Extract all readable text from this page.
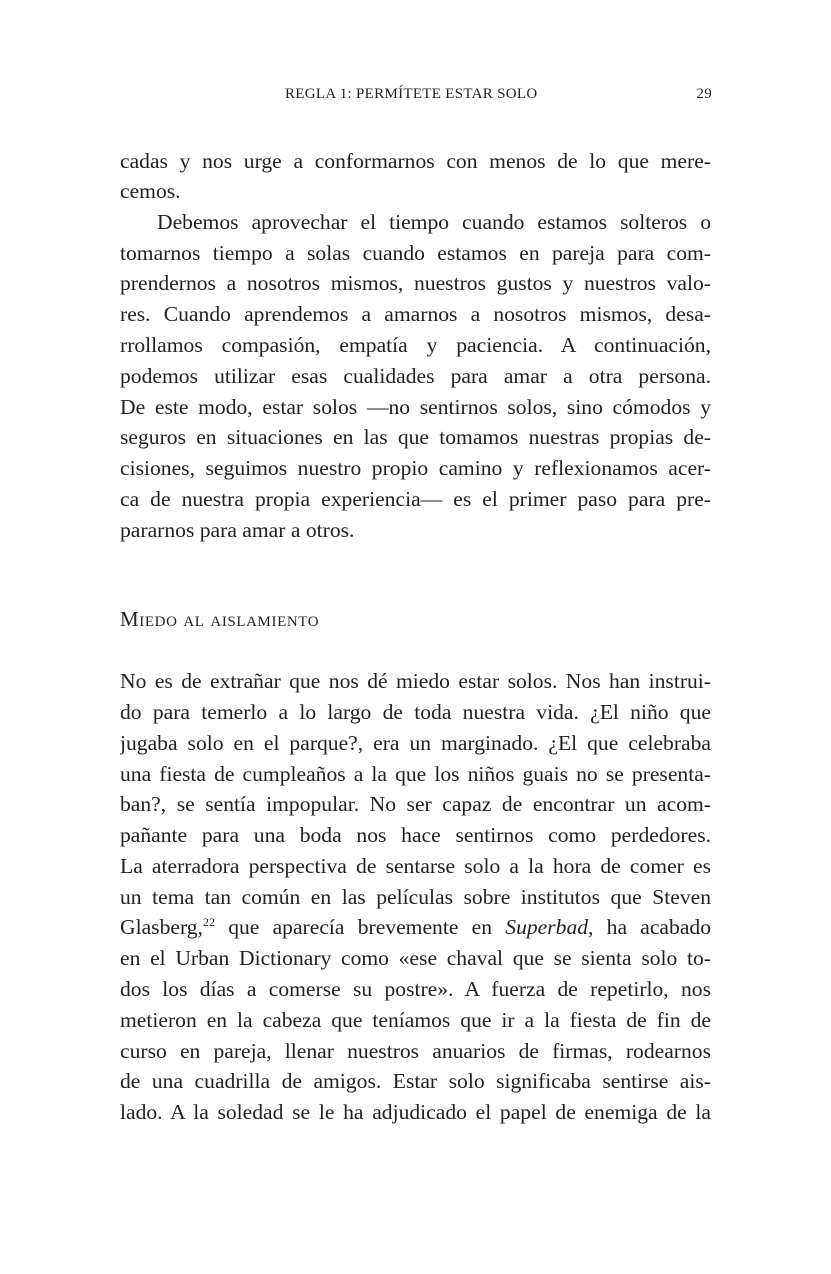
REGLA 1: PERMÍTETE ESTAR SOLO	29
cadas y nos urge a conformarnos con menos de lo que mere-
cemos.
Debemos aprovechar el tiempo cuando estamos solteros o
tomarnos tiempo a solas cuando estamos en pareja para com-
prendernos a nosotros mismos, nuestros gustos y nuestros valo-
res. Cuando aprendemos a amarnos a nosotros mismos, desa-
rrollamos compasión, empatía y paciencia. A continuación,
podemos utilizar esas cualidades para amar a otra persona.
De este modo, estar solos —no sentirnos solos, sino cómodos y
seguros en situaciones en las que tomamos nuestras propias de-
cisiones, seguimos nuestro propio camino y reflexionamos acer-
ca de nuestra propia experiencia— es el primer paso para pre-
pararnos para amar a otros.
Miedo al aislamiento
No es de extrañar que nos dé miedo estar solos. Nos han instrui-
do para temerlo a lo largo de toda nuestra vida. ¿El niño que
jugaba solo en el parque?, era un marginado. ¿El que celebraba
una fiesta de cumpleaños a la que los niños guais no se presenta-
ban?, se sentía impopular. No ser capaz de encontrar un acom-
pañante para una boda nos hace sentirnos como perdedores.
La aterradora perspectiva de sentarse solo a la hora de comer es
un tema tan común en las películas sobre institutos que Steven
Glasberg,$^{22}$ que aparecía brevemente en Superbad, ha acabado
en el Urban Dictionary como «ese chaval que se sienta solo to-
dos los días a comerse su postre». A fuerza de repetirlo, nos
metieron en la cabeza que teníamos que ir a la fiesta de fin de
curso en pareja, llenar nuestros anuarios de firmas, rodearnos
de una cuadrilla de amigos. Estar solo significaba sentirse ais-
lado. A la soledad se le ha adjudicado el papel de enemiga de la
